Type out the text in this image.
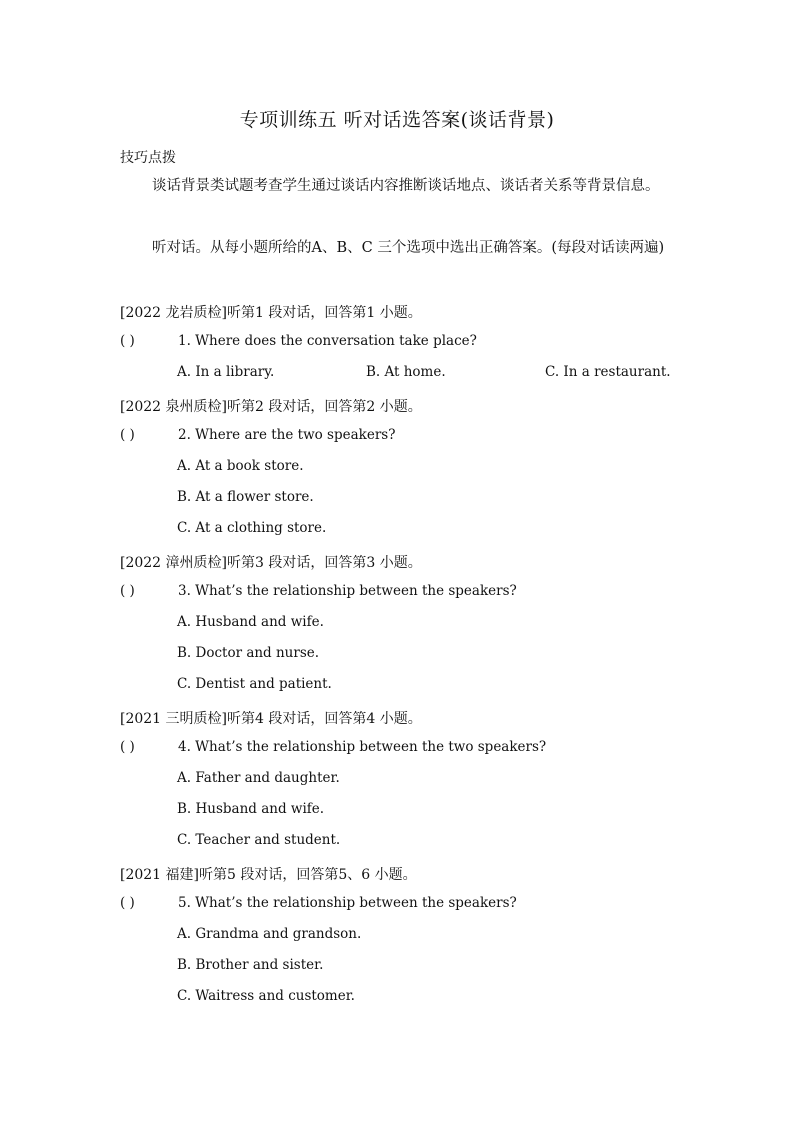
专项训练五 听对话选答案(谈话背景)
技巧点拨
谈话背景类试题考查学生通过谈话内容推断谈话地点、谈话者关系等背景信息。
听对话。从每小题所给的A、B、C 三个选项中选出正确答案。(每段对话读两遍)
[2022 龙岩质检]听第1 段对话，回答第1 小题。
( )	1. Where does the conversation take place?
A. In a library.	B. At home.	C. In a restaurant.
[2022 泉州质检]听第2 段对话，回答第2 小题。
( )	2. Where are the two speakers?
A. At a book store.
B. At a flower store.
C. At a clothing store.
[2022 漳州质检]听第3 段对话，回答第3 小题。
( )	3. What’s the relationship between the speakers?
A. Husband and wife.
B. Doctor and nurse.
C. Dentist and patient.
[2021 三明质检]听第4 段对话，回答第4 小题。
( )	4. What’s the relationship between the two speakers?
A. Father and daughter.
B. Husband and wife.
C. Teacher and student.
[2021 福建]听第5 段对话，回答第5、6 小题。
( )	5. What’s the relationship between the speakers?
A. Grandma and grandson.
B. Brother and sister.
C. Waitress and customer.
